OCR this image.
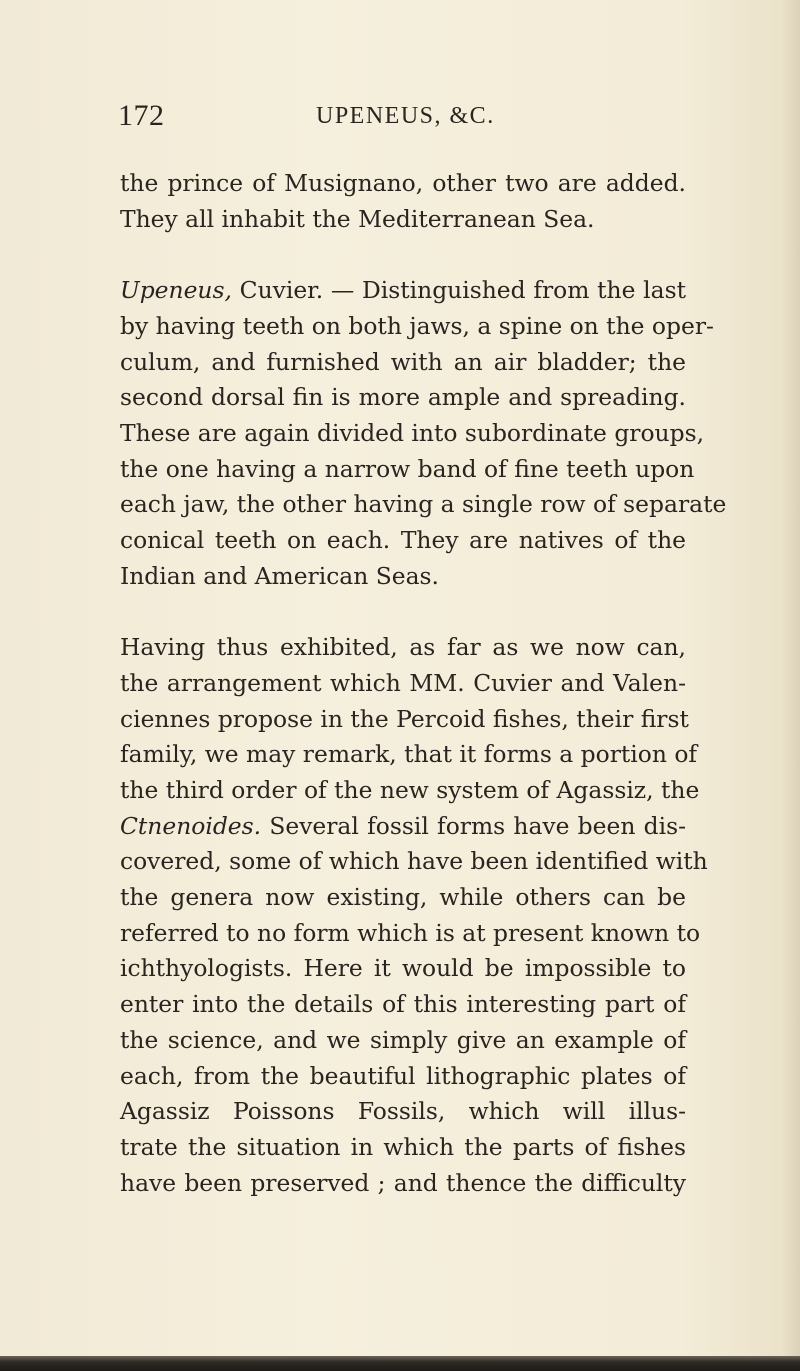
172	UPENEUS, &C.

the prince of Musignano, other two are added.
They all inhabit the Mediterranean Sea.

Upeneus, Cuvier. — Distinguished from the last
by having teeth on both jaws, a spine on the oper-
culum, and furnished with an air bladder; the
second dorsal fin is more ample and spreading.
These are again divided into subordinate groups,
the one having a narrow band of fine teeth upon
each jaw, the other having a single row of separate
conical teeth on each. They are natives of the
Indian and American Seas.

Having thus exhibited, as far as we now can,
the arrangement which MM. Cuvier and Valen-
ciennes propose in the Percoid fishes, their first
family, we may remark, that it forms a portion of
the third order of the new system of Agassiz, the
Ctnenoides. Several fossil forms have been dis-
covered, some of which have been identified with
the genera now existing, while others can be
referred to no form which is at present known to
ichthyologists. Here it would be impossible to
enter into the details of this interesting part of
the science, and we simply give an example of
each, from the beautiful lithographic plates of
Agassiz Poissons Fossils, which will illus-
trate the situation in which the parts of fishes
have been preserved ; and thence the difficulty
